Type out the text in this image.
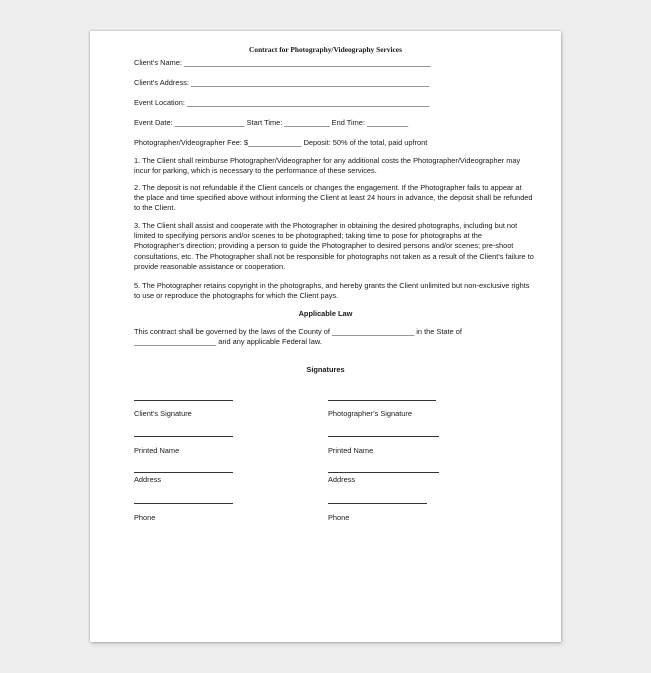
Contract for Photography/Videography Services
Client’s Name: ____________________________________________________________
Client’s Address: __________________________________________________________
Event Location: ___________________________________________________________
Event Date: _________________ Start Time: ___________ End Time: __________
Photographer/Videographer Fee: $_____________ Deposit: 50% of the total, paid upfront
1. The Client shall reimburse Photographer/Videographer for any additional costs the Photographer/Videographer may incur for parking, which is necessary to the performance of these services.
2. The deposit is not refundable if the Client cancels or changes the engagement. If the Photographer fails to appear at the place and time specified above without informing the Client at least 24 hours in advance, the deposit shall be refunded to the Client.
3. The Client shall assist and cooperate with the Photographer in obtaining the desired photographs, including but not limited to specifying persons and/or scenes to be photographed; taking time to pose for photographs at the Photographer’s direction; providing a person to guide the Photographer to desired persons and/or scenes; pre-shoot consultations, etc. The Photographer shall not be responsible for photographs not taken as a result of the Client’s failure to provide reasonable assistance or cooperation.
5. The Photographer retains copyright in the photographs, and hereby grants the Client unlimited but non-exclusive rights to use or reproduce the photographs for which the Client pays.
Applicable Law
This contract shall be governed by the laws of the County of ____________________ in the State of
____________________ and any applicable Federal law.
Signatures
Client’s Signature
Printed Name
Address
Phone
Photographer’s Signature
Printed Name
Address
Phone
